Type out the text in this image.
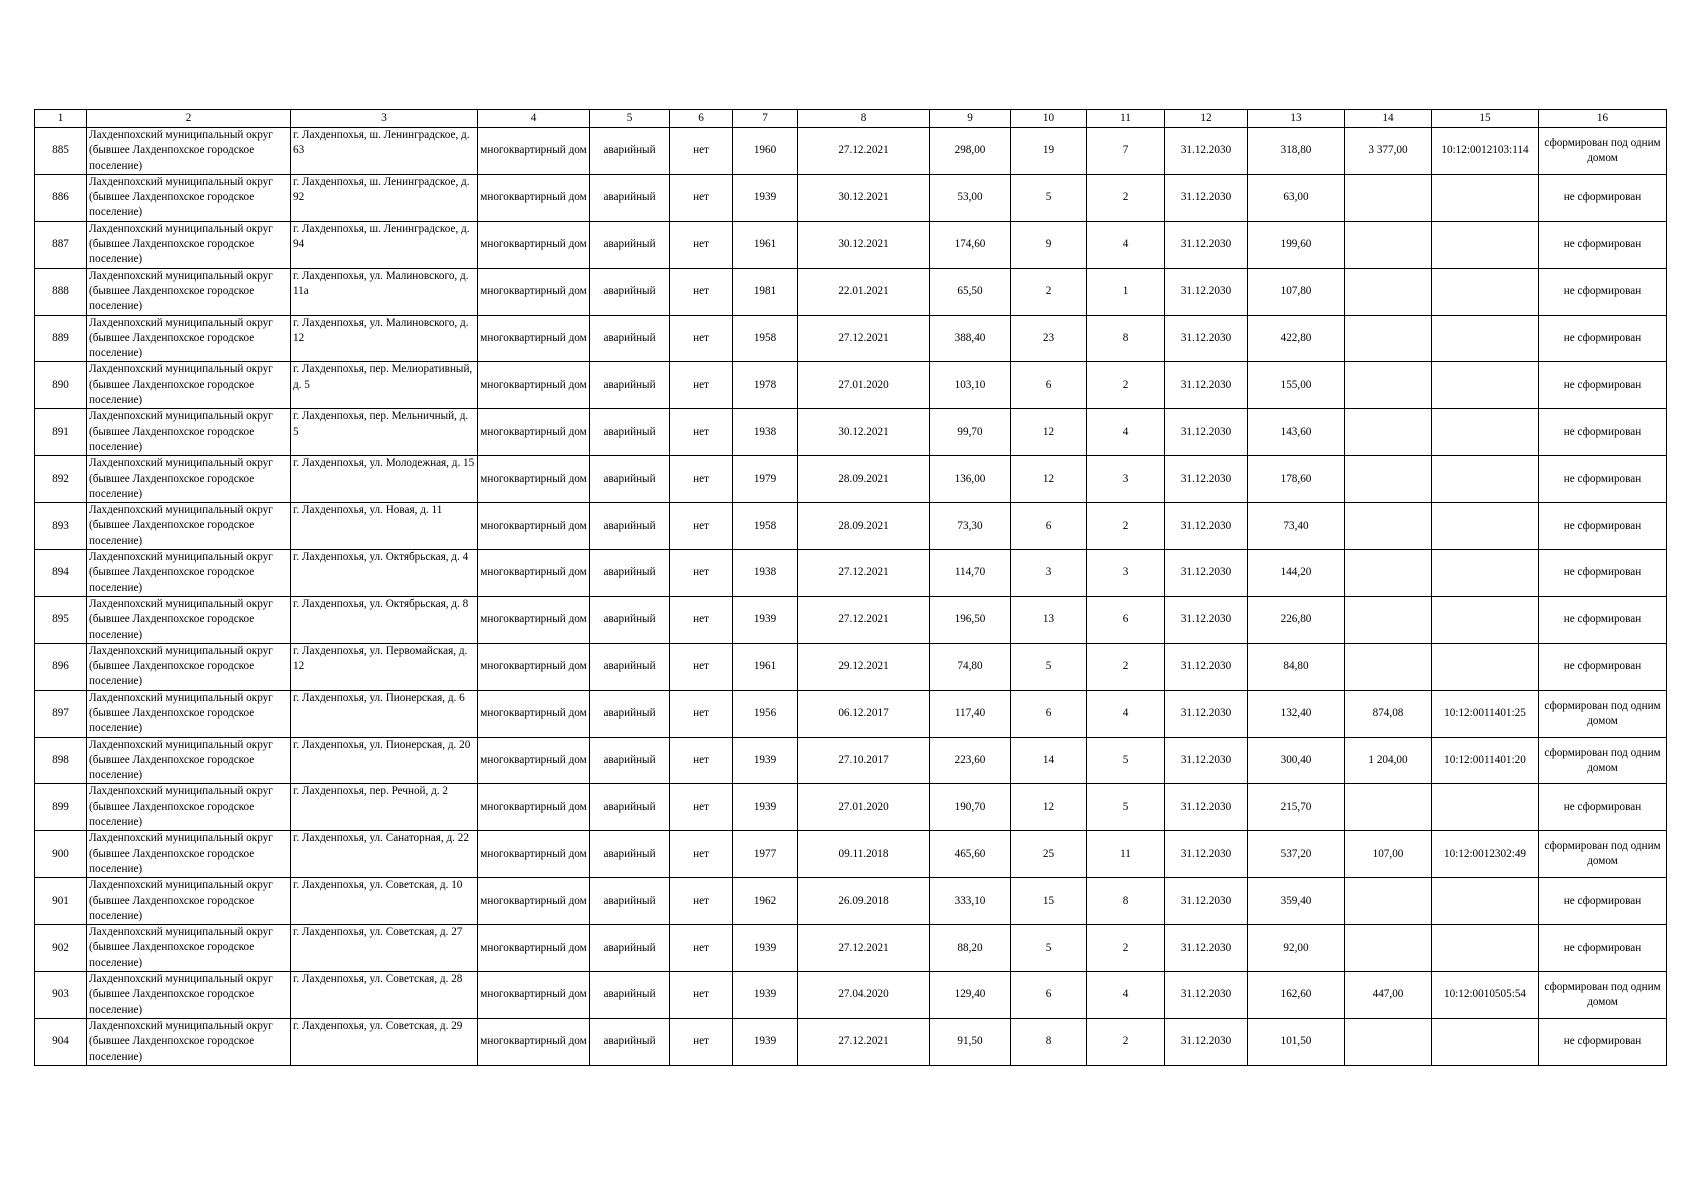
1	2	3	4	5	6	7	8	9	10	11	12	13	14	15	16
885	Лахденпохский муниципальный округ (бывшее Лахденпохское городское поселение)	г. Лахденпохья, ш. Ленинградское, д. 63	многоквартирный дом	аварийный	нет	1960	27.12.2021	298,00	19	7	31.12.2030	318,80	3 377,00	10:12:0012103:114	сформирован под одним домом
886	Лахденпохский муниципальный округ (бывшее Лахденпохское городское поселение)	г. Лахденпохья, ш. Ленинградское, д. 92	многоквартирный дом	аварийный	нет	1939	30.12.2021	53,00	5	2	31.12.2030	63,00			не сформирован
887	Лахденпохский муниципальный округ (бывшее Лахденпохское городское поселение)	г. Лахденпохья, ш. Ленинградское, д. 94	многоквартирный дом	аварийный	нет	1961	30.12.2021	174,60	9	4	31.12.2030	199,60			не сформирован
888	Лахденпохский муниципальный округ (бывшее Лахденпохское городское поселение)	г. Лахденпохья, ул. Малиновского, д. 11а	многоквартирный дом	аварийный	нет	1981	22.01.2021	65,50	2	1	31.12.2030	107,80			не сформирован
889	Лахденпохский муниципальный округ (бывшее Лахденпохское городское поселение)	г. Лахденпохья, ул. Малиновского, д. 12	многоквартирный дом	аварийный	нет	1958	27.12.2021	388,40	23	8	31.12.2030	422,80			не сформирован
890	Лахденпохский муниципальный округ (бывшее Лахденпохское городское поселение)	г. Лахденпохья, пер. Мелиоративный, д. 5	многоквартирный дом	аварийный	нет	1978	27.01.2020	103,10	6	2	31.12.2030	155,00			не сформирован
891	Лахденпохский муниципальный округ (бывшее Лахденпохское городское поселение)	г. Лахденпохья, пер. Мельничный, д. 5	многоквартирный дом	аварийный	нет	1938	30.12.2021	99,70	12	4	31.12.2030	143,60			не сформирован
892	Лахденпохский муниципальный округ (бывшее Лахденпохское городское поселение)	г. Лахденпохья, ул. Молодежная, д. 15	многоквартирный дом	аварийный	нет	1979	28.09.2021	136,00	12	3	31.12.2030	178,60			не сформирован
893	Лахденпохский муниципальный округ (бывшее Лахденпохское городское поселение)	г. Лахденпохья, ул. Новая, д. 11	многоквартирный дом	аварийный	нет	1958	28.09.2021	73,30	6	2	31.12.2030	73,40			не сформирован
894	Лахденпохский муниципальный округ (бывшее Лахденпохское городское поселение)	г. Лахденпохья, ул. Октябрьская, д. 4	многоквартирный дом	аварийный	нет	1938	27.12.2021	114,70	3	3	31.12.2030	144,20			не сформирован
895	Лахденпохский муниципальный округ (бывшее Лахденпохское городское поселение)	г. Лахденпохья, ул. Октябрьская, д. 8	многоквартирный дом	аварийный	нет	1939	27.12.2021	196,50	13	6	31.12.2030	226,80			не сформирован
896	Лахденпохский муниципальный округ (бывшее Лахденпохское городское поселение)	г. Лахденпохья, ул. Первомайская, д. 12	многоквартирный дом	аварийный	нет	1961	29.12.2021	74,80	5	2	31.12.2030	84,80			не сформирован
897	Лахденпохский муниципальный округ (бывшее Лахденпохское городское поселение)	г. Лахденпохья, ул. Пионерская, д. 6	многоквартирный дом	аварийный	нет	1956	06.12.2017	117,40	6	4	31.12.2030	132,40	874,08	10:12:0011401:25	сформирован под одним домом
898	Лахденпохский муниципальный округ (бывшее Лахденпохское городское поселение)	г. Лахденпохья, ул. Пионерская, д. 20	многоквартирный дом	аварийный	нет	1939	27.10.2017	223,60	14	5	31.12.2030	300,40	1 204,00	10:12:0011401:20	сформирован под одним домом
899	Лахденпохский муниципальный округ (бывшее Лахденпохское городское поселение)	г. Лахденпохья, пер. Речной, д. 2	многоквартирный дом	аварийный	нет	1939	27.01.2020	190,70	12	5	31.12.2030	215,70			не сформирован
900	Лахденпохский муниципальный округ (бывшее Лахденпохское городское поселение)	г. Лахденпохья, ул. Санаторная, д. 22	многоквартирный дом	аварийный	нет	1977	09.11.2018	465,60	25	11	31.12.2030	537,20	107,00	10:12:0012302:49	сформирован под одним домом
901	Лахденпохский муниципальный округ (бывшее Лахденпохское городское поселение)	г. Лахденпохья, ул. Советская, д. 10	многоквартирный дом	аварийный	нет	1962	26.09.2018	333,10	15	8	31.12.2030	359,40			не сформирован
902	Лахденпохский муниципальный округ (бывшее Лахденпохское городское поселение)	г. Лахденпохья, ул. Советская, д. 27	многоквартирный дом	аварийный	нет	1939	27.12.2021	88,20	5	2	31.12.2030	92,00			не сформирован
903	Лахденпохский муниципальный округ (бывшее Лахденпохское городское поселение)	г. Лахденпохья, ул. Советская, д. 28	многоквартирный дом	аварийный	нет	1939	27.04.2020	129,40	6	4	31.12.2030	162,60	447,00	10:12:0010505:54	сформирован под одним домом
904	Лахденпохский муниципальный округ (бывшее Лахденпохское городское поселение)	г. Лахденпохья, ул. Советская, д. 29	многоквартирный дом	аварийный	нет	1939	27.12.2021	91,50	8	2	31.12.2030	101,50			не сформирован
